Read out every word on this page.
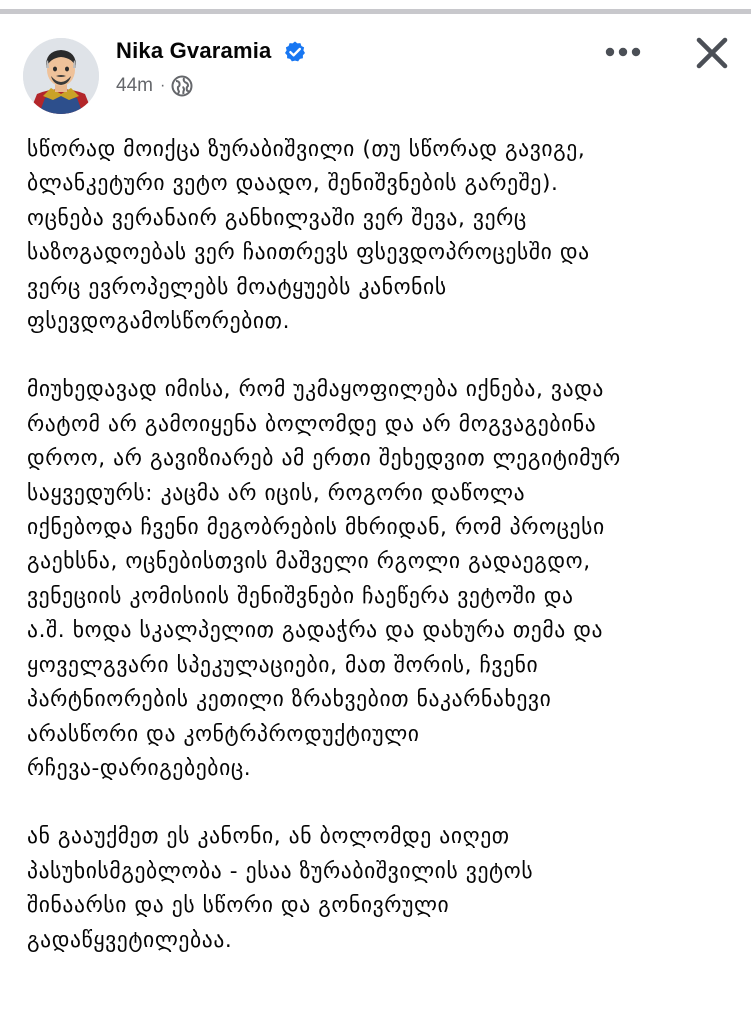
Nika Gvaramia
44m ·

სწორად მოიქცა ზურაბიშვილი (თუ სწორად გავიგე,
ბლანკეტური ვეტო დაადო, შენიშვნების გარეშე).
ოცნება ვერანაირ განხილვაში ვერ შევა, ვერც
საზოგადოებას ვერ ჩაითრევს ფსევდოპროცესში და
ვერც ევროპელებს მოატყუებს კანონის
ფსევდოგამოსწორებით.

მიუხედავად იმისა, რომ უკმაყოფილება იქნება, ვადა
რატომ არ გამოიყენა ბოლომდე და არ მოგვაგებინა
დროო, არ გავიზიარებ ამ ერთი შეხედვით ლეგიტიმურ
საყვედურს: კაცმა არ იცის, როგორი დაწოლა
იქნებოდა ჩვენი მეგობრების მხრიდან, რომ პროცესი
გაეხსნა, ოცნებისთვის მაშველი რგოლი გადაეგდო,
ვენეციის კომისიის შენიშვნები ჩაეწერა ვეტოში და
ა.შ. ხოდა სკალპელით გადაჭრა და დახურა თემა და
ყოველგვარი სპეკულაციები, მათ შორის, ჩვენი
პარტნიორების კეთილი ზრახვებით ნაკარნახევი
არასწორი და კონტრპროდუქტიული
რჩევა-დარიგებებიც.

ან გააუქმეთ ეს კანონი, ან ბოლომდე აიღეთ
პასუხისმგებლობა - ესაა ზურაბიშვილის ვეტოს
შინაარსი და ეს სწორი და გონივრული
გადაწყვეტილებაა.
